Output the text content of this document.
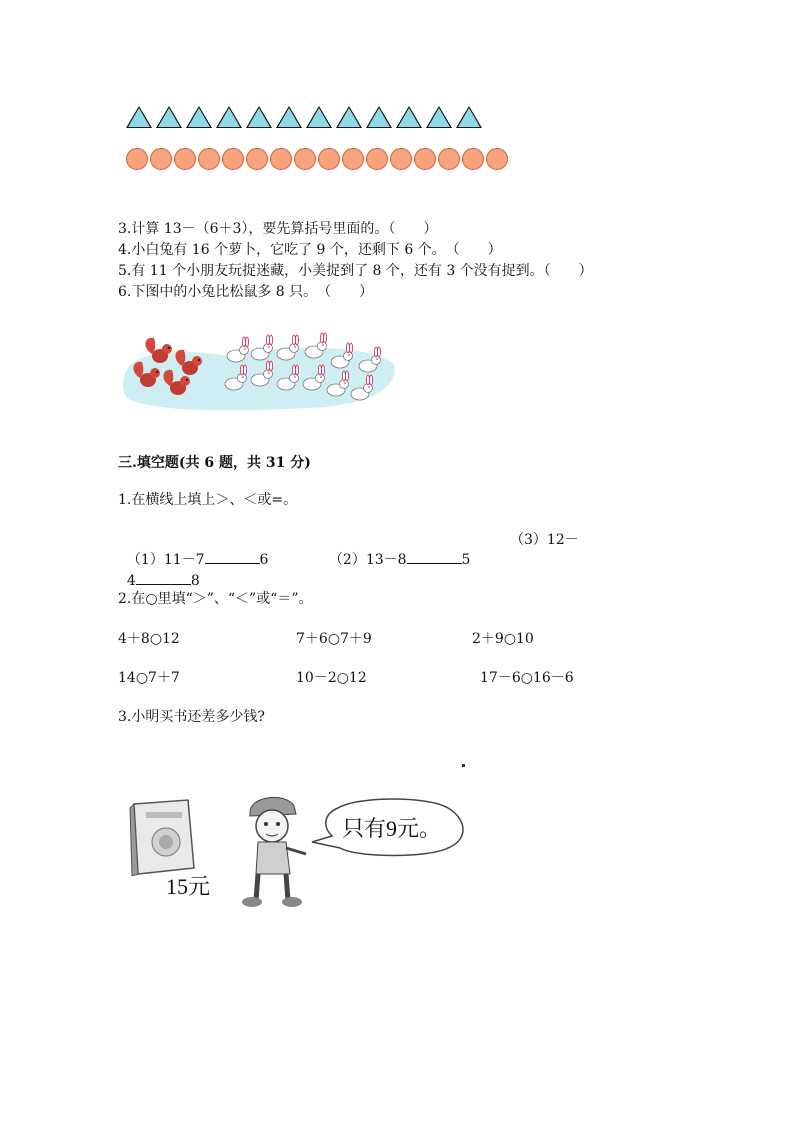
3.计算 13－（6＋3），要先算括号里面的。（　　）
4.小白兔有 16 个萝卜，它吃了 9 个，还剩下 6 个。　（　　）
5.有 11 个小朋友玩捉迷藏，小美捉到了 8 个，还有 3 个没有捉到。（　　）
6.下图中的小兔比松鼠多 8 只。　（　　）
三.填空题(共 6 题，共 31 分)
1.在横线上填上＞、＜或=。

（1）11－7	6	（2）13－8	5

（3）12－

4	8

2.在○里填“＞”、“＜”或“＝”。
4＋8○12	7＋6○7＋9	2＋9○10
14○7＋7	10－2○12	17－6○16－6
3.小明买书还差多少钱?
15元
只有9元。
